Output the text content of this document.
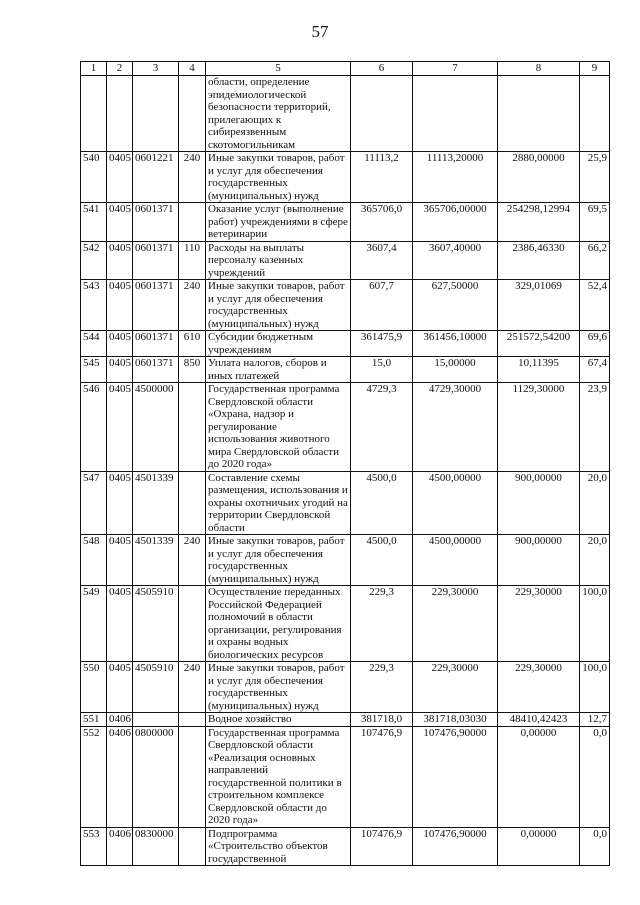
57
1	2	3	4	5	6	7	8	9
				области, определение эпидемиологической безопасности территорий, прилегающих к сибиреязвенным скотомогильникам				
540	0405	0601221	240	Иные закупки товаров, работ и услуг для обеспечения государственных (муниципальных) нужд	11113,2	11113,20000	2880,00000	25,9
541	0405	0601371		Оказание услуг (выполнение работ) учреждениями в сфере ветеринарии	365706,0	365706,00000	254298,12994	69,5
542	0405	0601371	110	Расходы на выплаты персоналу казенных учреждений	3607,4	3607,40000	2386,46330	66,2
543	0405	0601371	240	Иные закупки товаров, работ и услуг для обеспечения государственных (муниципальных) нужд	607,7	627,50000	329,01069	52,4
544	0405	0601371	610	Субсидии бюджетным учреждениям	361475,9	361456,10000	251572,54200	69,6
545	0405	0601371	850	Уплата налогов, сборов и иных платежей	15,0	15,00000	10,11395	67,4
546	0405	4500000		Государственная программа Свердловской области «Охрана, надзор и регулирование использования животного мира Свердловской области до 2020 года»	4729,3	4729,30000	1129,30000	23,9
547	0405	4501339		Составление схемы размещения, использования и охраны охотничьих угодий на территории Свердловской области	4500,0	4500,00000	900,00000	20,0
548	0405	4501339	240	Иные закупки товаров, работ и услуг для обеспечения государственных (муниципальных) нужд	4500,0	4500,00000	900,00000	20,0
549	0405	4505910		Осуществление переданных Российской Федерацией полномочий в области организации, регулирования и охраны водных биологических ресурсов	229,3	229,30000	229,30000	100,0
550	0405	4505910	240	Иные закупки товаров, работ и услуг для обеспечения государственных (муниципальных) нужд	229,3	229,30000	229,30000	100,0
551	0406			Водное хозяйство	381718,0	381718,03030	48410,42423	12,7
552	0406	0800000		Государственная программа Свердловской области «Реализация основных направлений государственной политики в строительном комплексе Свердловской области до 2020 года»	107476,9	107476,90000	0,00000	0,0
553	0406	0830000		Подпрограмма «Строительство объектов государственной	107476,9	107476,90000	0,00000	0,0
